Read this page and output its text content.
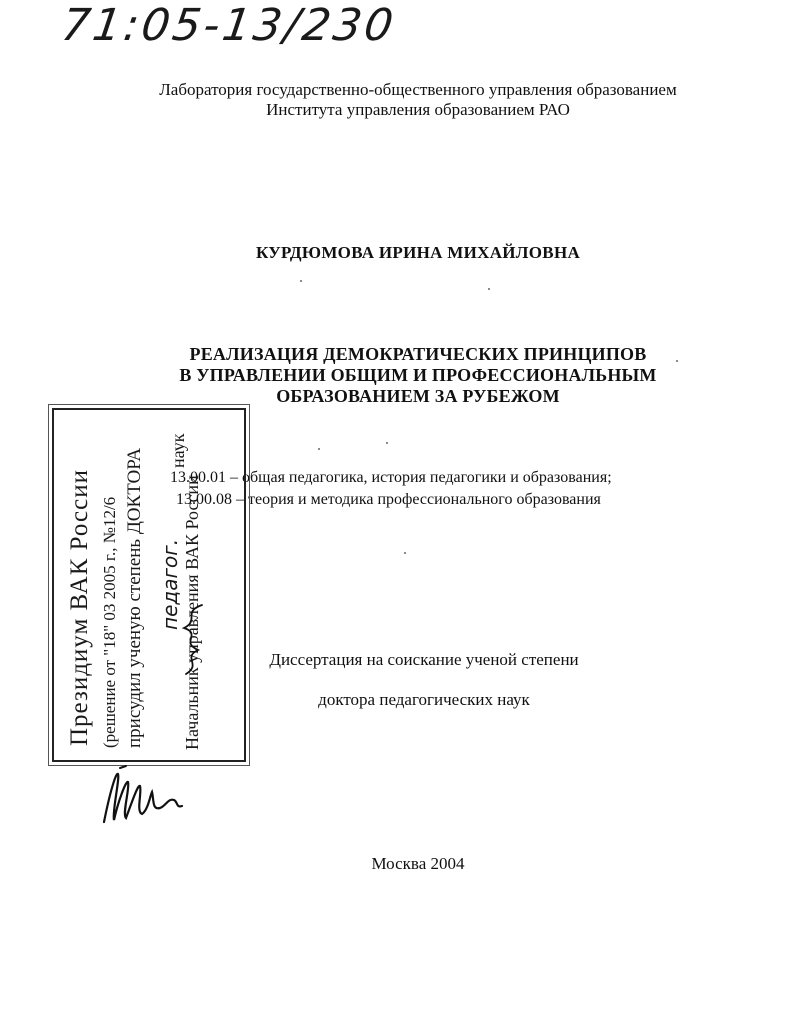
71:05-13/230
Лаборатория государственно-общественного управления образованием
Института управления образованием РАО
КУРДЮМОВА ИРИНА МИХАЙЛОВНА
РЕАЛИЗАЦИЯ ДЕМОКРАТИЧЕСКИХ ПРИНЦИПОВ
В УПРАВЛЕНИИ ОБЩИМ И ПРОФЕССИОНАЛЬНЫМ
ОБРАЗОВАНИЕМ ЗА РУБЕЖОМ
13.00.01 – общая педагогика, история педагогики и образования;
13.00.08 – теория и методика профессионального образования
Диссертация на соискание ученой степени
доктора педагогических наук
Москва 2004
Президиум ВАК России (решение от "18" 03 2005 г., №12/6 присудил ученую степень ДОКТОРА педагог.
наук
Начальник управления ВАК России
